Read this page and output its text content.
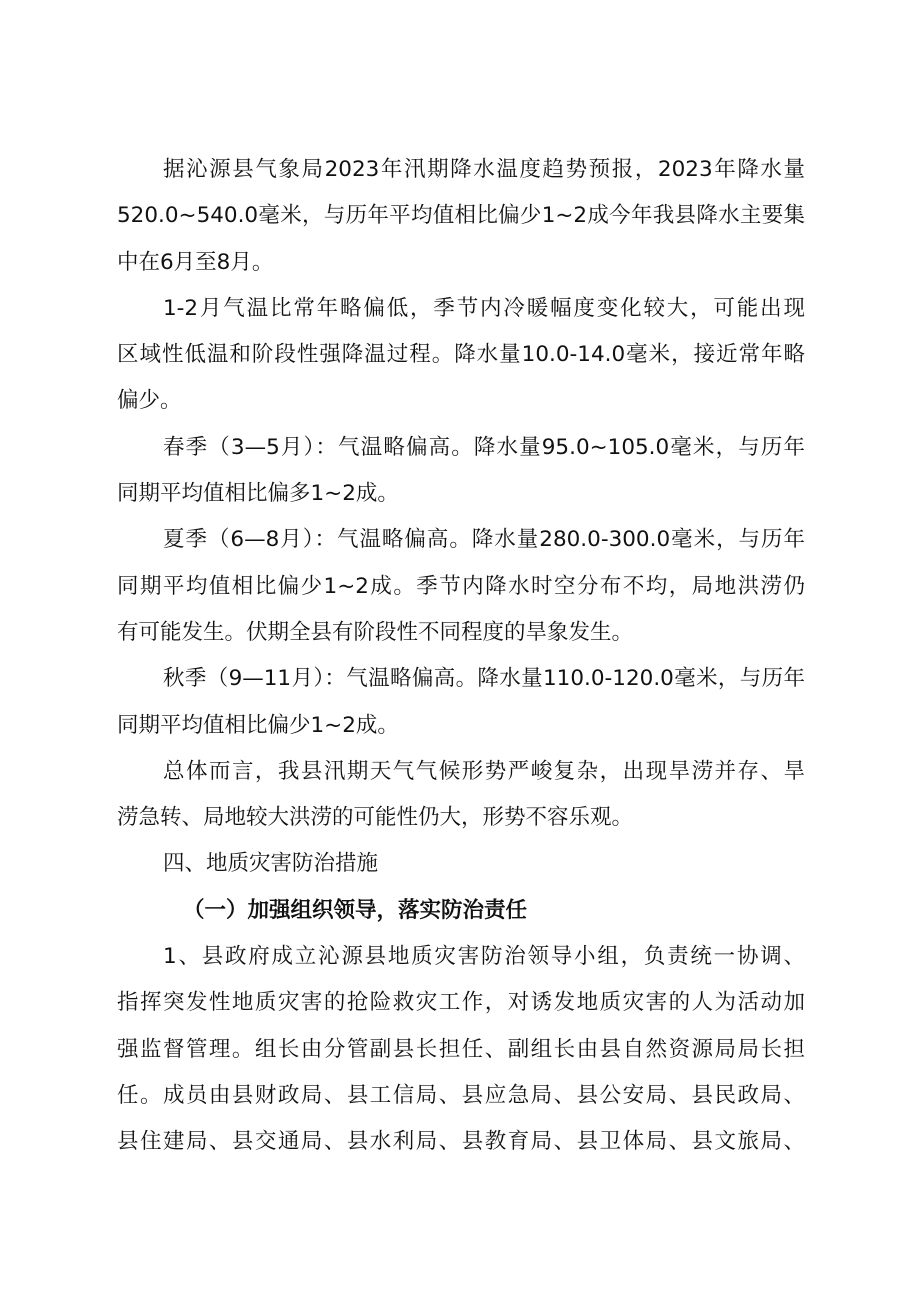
据沁源县气象局2023年汛期降水温度趋势预报，2023年降水量
520.0~540.0毫米，与历年平均值相比偏少1~2成今年我县降水主要集
中在6月至8月。
1-2月气温比常年略偏低，季节内冷暖幅度变化较大，可能出现
区域性低温和阶段性强降温过程。降水量10.0-14.0毫米，接近常年略
偏少。
春季（3—5月）：气温略偏高。降水量95.0~105.0毫米，与历年
同期平均值相比偏多1~2成。
夏季（6—8月）：气温略偏高。降水量280.0-300.0毫米，与历年
同期平均值相比偏少1~2成。季节内降水时空分布不均，局地洪涝仍
有可能发生。伏期全县有阶段性不同程度的旱象发生。
秋季（9—11月）：气温略偏高。降水量110.0-120.0毫米，与历年
同期平均值相比偏少1~2成。
总体而言，我县汛期天气气候形势严峻复杂，出现旱涝并存、旱
涝急转、局地较大洪涝的可能性仍大，形势不容乐观。
四、地质灾害防治措施
（一）加强组织领导，落实防治责任
1、县政府成立沁源县地质灾害防治领导小组，负责统一协调、
指挥突发性地质灾害的抢险救灾工作，对诱发地质灾害的人为活动加
强监督管理。组长由分管副县长担任、副组长由县自然资源局局长担
任。成员由县财政局、县工信局、县应急局、县公安局、县民政局、
县住建局、县交通局、县水利局、县教育局、县卫体局、县文旅局、
